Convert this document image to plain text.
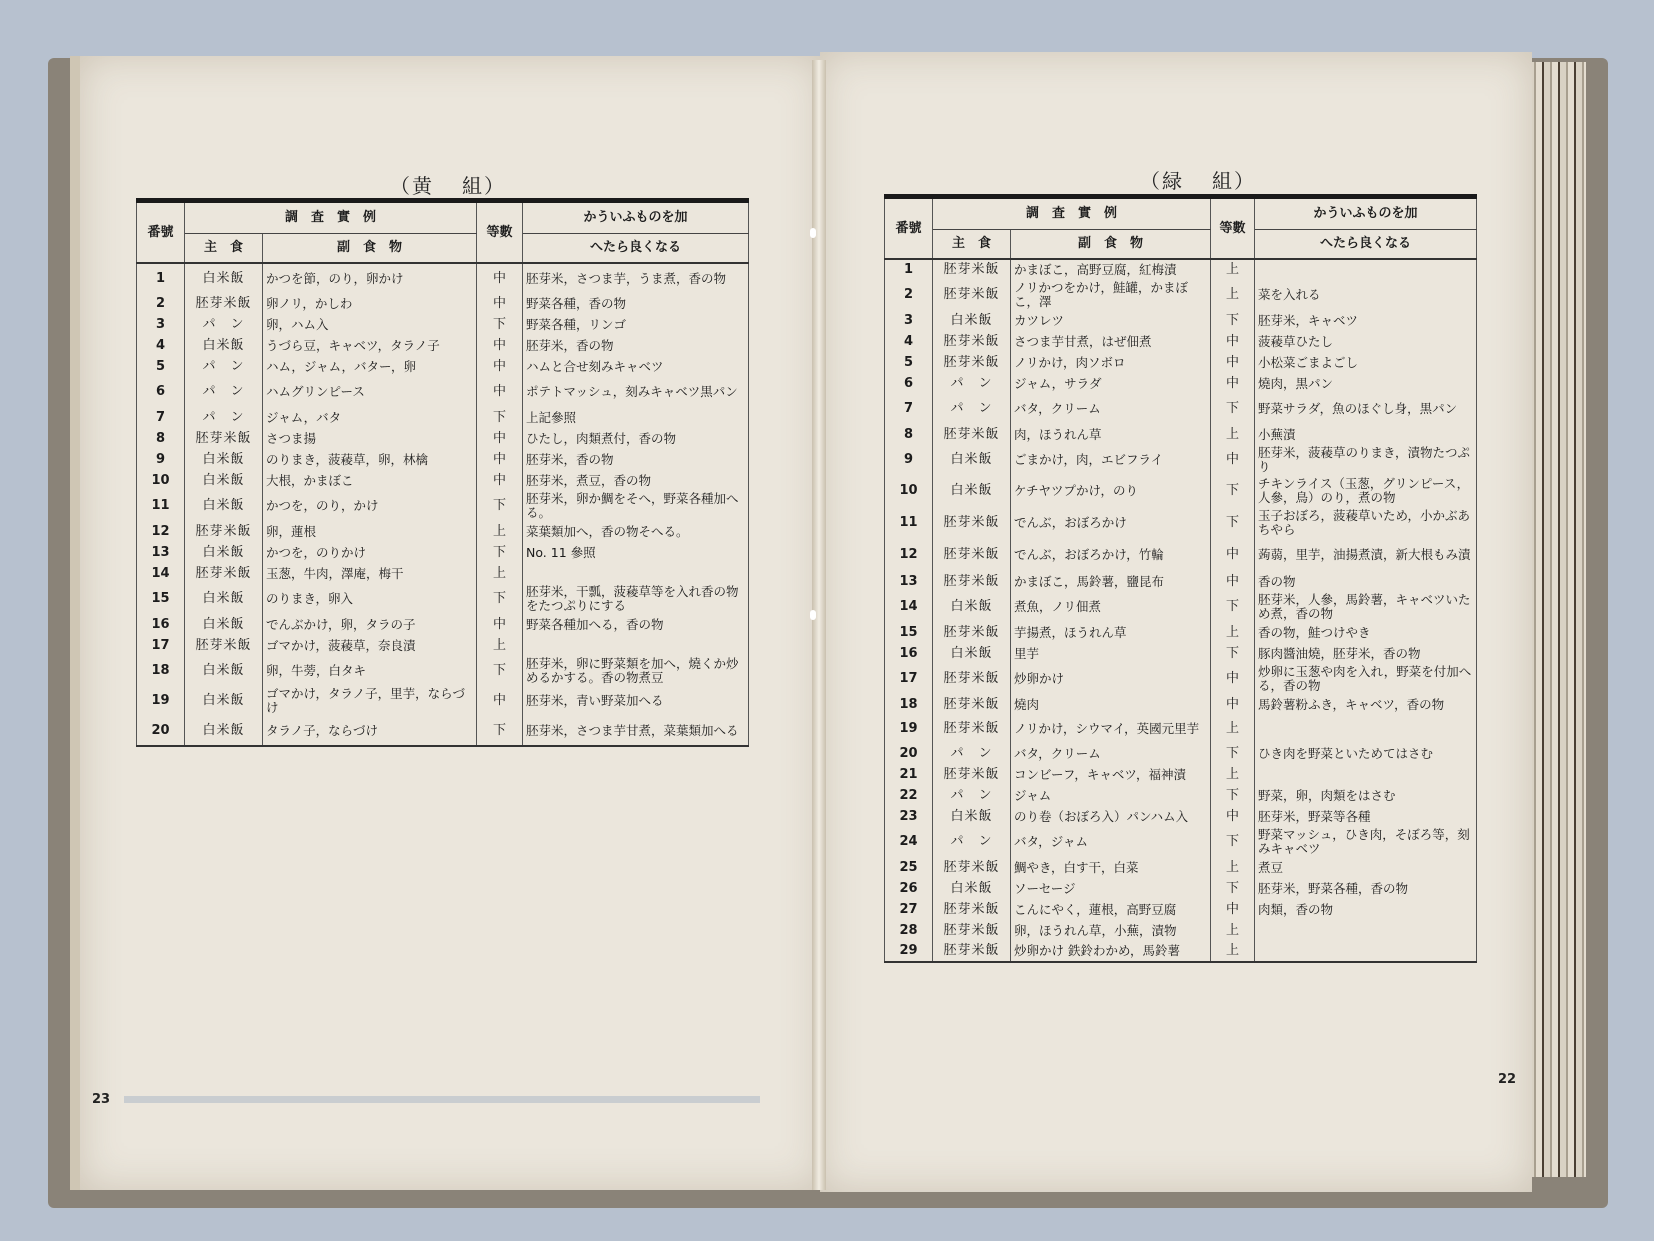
（黄 組）
番號	調　査　實　例		等數	かういふものを加
	主　食	副　食　物		へたら良くなる
1	白米飯	かつを節，のり，卵かけ	中	胚芽米，さつま芋，うま煮，香の物
2	胚芽米飯	卵ノリ，かしわ	中	野菜各種，香の物
3	パ　ン	卵，ハム入	下	野菜各種，リンゴ
4	白米飯	うづら豆，キャベツ，タラノ子	中	胚芽米，香の物
5	パ　ン	ハム，ジャム，バター，卵	中	ハムと合せ刻みキャベツ
6	パ　ン	ハムグリンピース	中	ポテトマッシュ，刻みキャベツ黒パン
7	パ　ン	ジャム，バタ	下	上記參照
8	胚芽米飯	さつま揚	中	ひたし，肉類煮付，香の物
9	白米飯	のりまき，菠薐草，卵，林檎	中	胚芽米，香の物
10	白米飯	大根，かまぼこ	中	胚芽米，煮豆，香の物
11	白米飯	かつを，のり，かけ	下	胚芽米，卵か鯛をそへ，野菜各種加へる。
12	胚芽米飯	卵，蓮根	上	菜葉類加へ，香の物そへる。
13	白米飯	かつを，のりかけ	下	No. 11 參照
14	胚芽米飯	玉葱，牛肉，澤庵，梅干	上	
15	白米飯	のりまき，卵入	下	胚芽米，干瓢，菠薐草等を入れ香の物をたつぷりにする
16	白米飯	でんぶかけ，卵，タラの子	中	野菜各種加へる，香の物
17	胚芽米飯	ゴマかけ，菠薐草，奈良漬	上	
18	白米飯	卵，牛蒡，白タキ	下	胚芽米，卵に野菜類を加へ，燒くか炒めるかする。香の物煮豆
19	白米飯	ゴマかけ，タラノ子，里芋，ならづけ	中	胚芽米，青い野菜加へる
20	白米飯	タラノ子，ならづけ	下	胚芽米，さつま芋甘煮，菜葉類加へる
23
（緑 組）
番號	調　査　實　例		等數	かういふものを加
	主　食	副　食　物		へたら良くなる
1	胚芽米飯	かまぼこ，高野豆腐，紅梅漬	上	
2	胚芽米飯	ノリかつをかけ，鮭罐，かまぼこ，澤	上	菜を入れる
3	白米飯	カツレツ	下	胚芽米，キャベツ
4	胚芽米飯	さつま芋甘煮，はぜ佃煮	中	菠薐草ひたし
5	胚芽米飯	ノリかけ，肉ソボロ	中	小松菜ごまよごし
6	パ　ン	ジャム，サラダ	中	燒肉，黒パン
7	パ　ン	バタ，クリーム	下	野菜サラダ，魚のほぐし身，黒パン
8	胚芽米飯	肉，ほうれん草	上	小蕪漬
9	白米飯	ごまかけ，肉，エビフライ	中	胚芽米，菠薐草のりまき，漬物たつぷり
10	白米飯	ケチヤツプかけ，のり	下	チキンライス（玉葱，グリンピース，人參，鳥）のり，煮の物
11	胚芽米飯	でんぶ，おぼろかけ	下	玉子おぼろ，菠薐草いため，小かぶあちやら
12	胚芽米飯	でんぶ，おぼろかけ，竹輪	中	蒟蒻，里芋，油揚煮漬，新大根もみ漬
13	胚芽米飯	かまぼこ，馬鈴薯，鹽昆布	中	香の物
14	白米飯	煮魚，ノリ佃煮	下	胚芽米，人參，馬鈴薯，キャベツいため煮，香の物
15	胚芽米飯	芋揚煮，ほうれん草	上	香の物，鮭つけやき
16	白米飯	里芋	下	豚肉醬油燒，胚芽米，香の物
17	胚芽米飯	炒卵かけ	中	炒卵に玉葱や肉を入れ，野菜を付加へる，香の物
18	胚芽米飯	燒肉	中	馬鈴薯粉ふき，キャベツ，香の物
19	胚芽米飯	ノリかけ，シウマイ，英國元里芋	上	
20	パ　ン	バタ，クリーム	下	ひき肉を野菜といためてはさむ
21	胚芽米飯	コンビーフ，キャベツ，福神漬	上	
22	パ　ン	ジャム	下	野菜，卵，肉類をはさむ
23	白米飯	のり卷（おぼろ入）パンハム入	中	胚芽米，野菜等各種
24	パ　ン	バタ，ジャム	下	野菜マッシュ，ひき肉，そぼろ等，刻みキャベツ
25	胚芽米飯	鯛やき，白す干，白菜	上	煮豆
26	白米飯	ソーセージ	下	胚芽米，野菜各種，香の物
27	胚芽米飯	こんにやく，蓮根，高野豆腐	中	肉類，香の物
28	胚芽米飯	卵，ほうれん草，小蕪，漬物	上	
29	胚芽米飯	炒卵かけ 鉄鈴わかめ，馬鈴薯	上	
22
